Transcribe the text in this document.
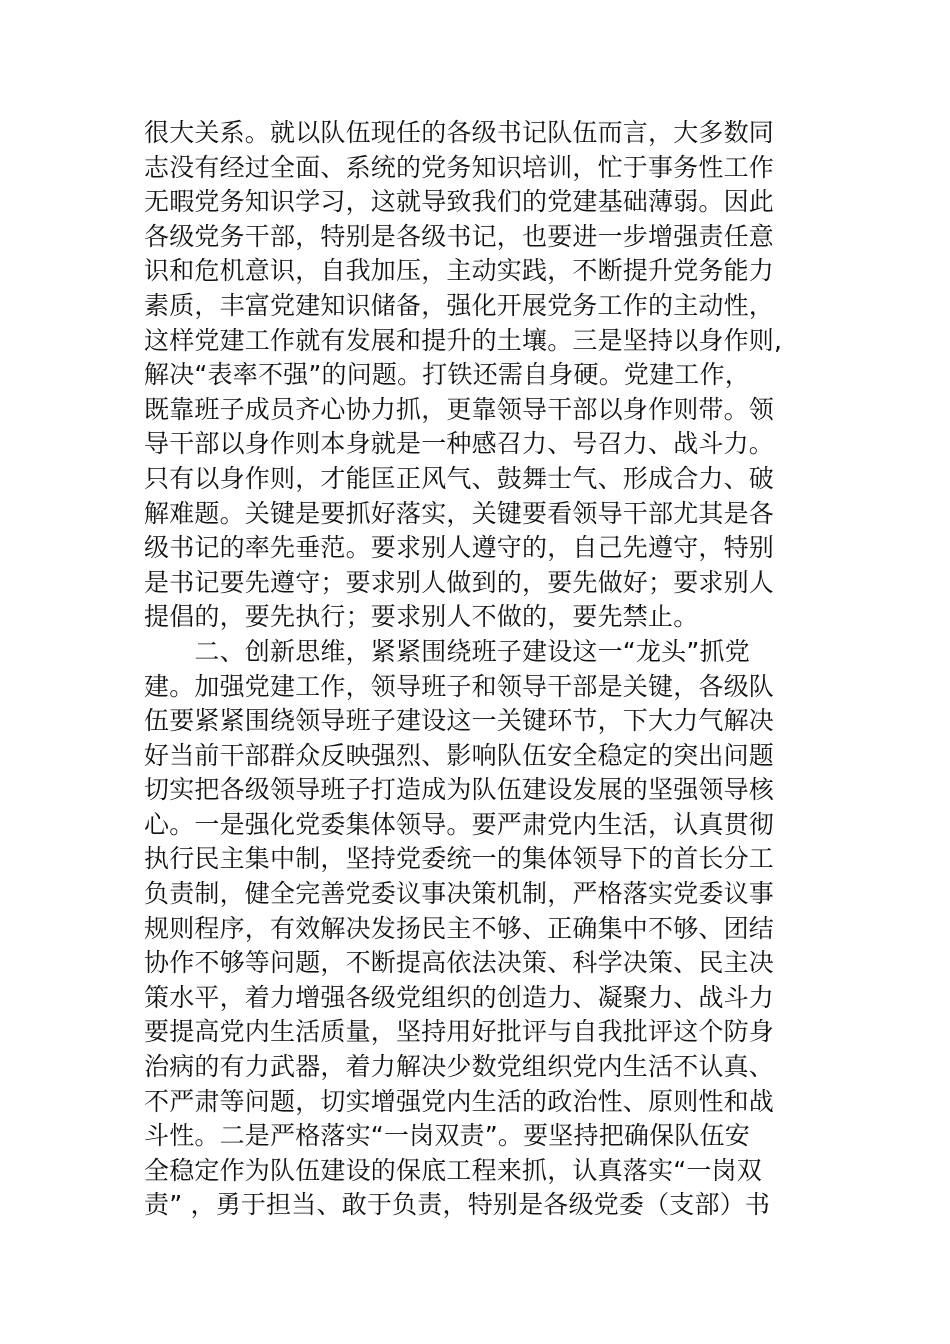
很大关系。就以队伍现任的各级书记队伍而言，大多数同
志没有经过全面、系统的党务知识培训，忙于事务性工作
无暇党务知识学习，这就导致我们的党建基础薄弱。因此
各级党务干部，特别是各级书记，也要进一步增强责任意
识和危机意识，自我加压，主动实践，不断提升党务能力
素质，丰富党建知识储备，强化开展党务工作的主动性，
这样党建工作就有发展和提升的土壤。三是坚持以身作则,
解决“表率不强”的问题。打铁还需自身硬。党建工作，
既靠班子成员齐心协力抓，更靠领导干部以身作则带。领
导干部以身作则本身就是一种感召力、号召力、战斗力。
只有以身作则，才能匡正风气、鼓舞士气、形成合力、破
解难题。关键是要抓好落实，关键要看领导干部尤其是各
级书记的率先垂范。要求别人遵守的，自己先遵守，特别
是书记要先遵守；要求别人做到的，要先做好；要求别人
提倡的，要先执行；要求别人不做的，要先禁止。
　　二、创新思维，紧紧围绕班子建设这一“龙头”抓党
建。加强党建工作，领导班子和领导干部是关键，各级队
伍要紧紧围绕领导班子建设这一关键环节，下大力气解决
好当前干部群众反映强烈、影响队伍安全稳定的突出问题
切实把各级领导班子打造成为队伍建设发展的坚强领导核
心。一是强化党委集体领导。要严肃党内生活，认真贯彻
执行民主集中制，坚持党委统一的集体领导下的首长分工
负责制，健全完善党委议事决策机制，严格落实党委议事
规则程序，有效解决发扬民主不够、正确集中不够、团结
协作不够等问题，不断提高依法决策、科学决策、民主决
策水平，着力增强各级党组织的创造力、凝聚力、战斗力
要提高党内生活质量，坚持用好批评与自我批评这个防身
治病的有力武器，着力解决少数党组织党内生活不认真、
不严肃等问题，切实增强党内生活的政治性、原则性和战
斗性。二是严格落实“一岗双责”。要坚持把确保队伍安
全稳定作为队伍建设的保底工程来抓，认真落实“一岗双
责” ，勇于担当、敢于负责，特别是各级党委（支部）书
